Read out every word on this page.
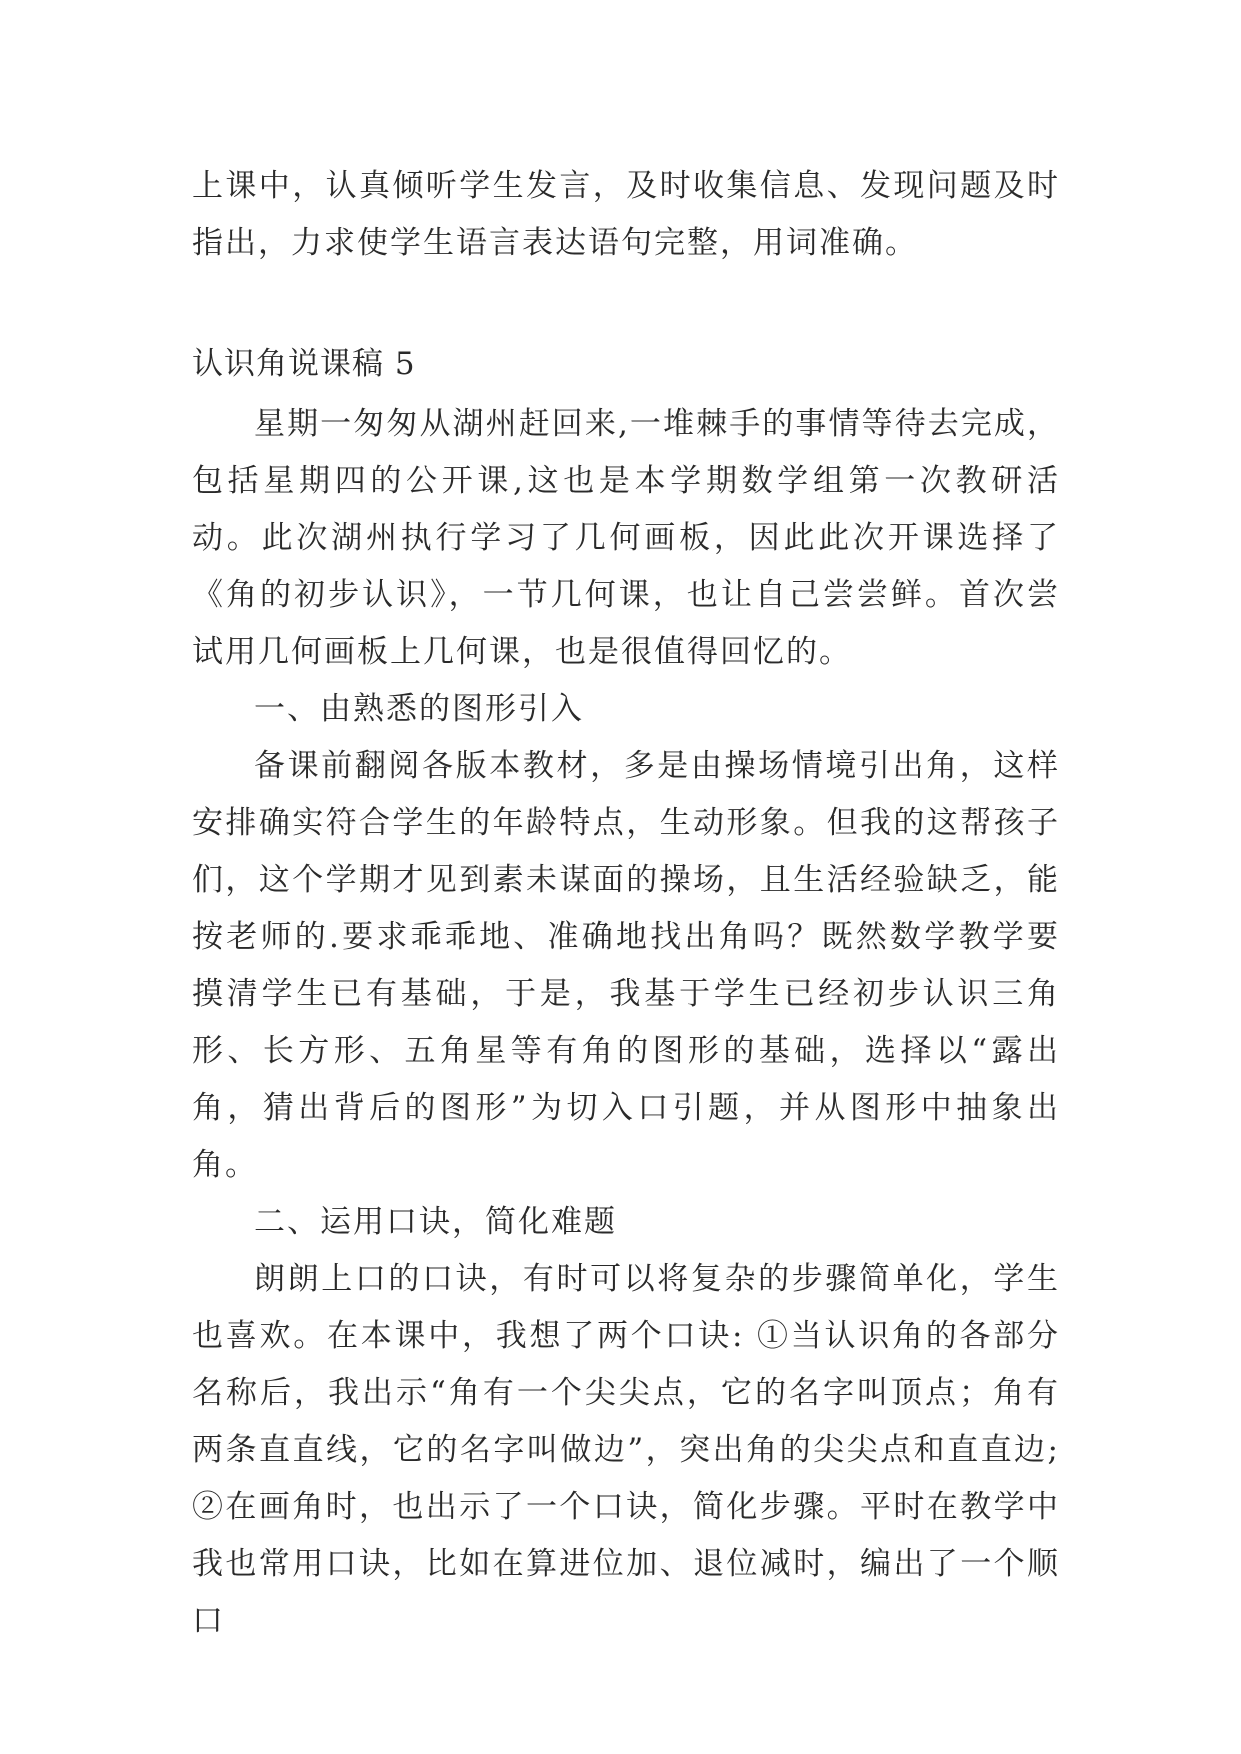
上课中，认真倾听学生发言，及时收集信息、发现问题及时指出，力求使学生语言表达语句完整，用词准确。

认识角说课稿 5

星期一匆匆从湖州赶回来,一堆棘手的事情等待去完成，包括星期四的公开课,这也是本学期数学组第一次教研活动。此次湖州执行学习了几何画板，因此此次开课选择了《角的初步认识》，一节几何课，也让自己尝尝鲜。首次尝试用几何画板上几何课，也是很值得回忆的。

一、由熟悉的图形引入

备课前翻阅各版本教材，多是由操场情境引出角，这样安排确实符合学生的年龄特点，生动形象。但我的这帮孩子们，这个学期才见到素未谋面的操场，且生活经验缺乏，能按老师的.要求乖乖地、准确地找出角吗？既然数学教学要摸清学生已有基础，于是，我基于学生已经初步认识三角形、长方形、五角星等有角的图形的基础，选择以“露出角，猜出背后的图形”为切入口引题，并从图形中抽象出角。

二、运用口诀，简化难题

朗朗上口的口诀，有时可以将复杂的步骤简单化，学生也喜欢。在本课中，我想了两个口诀: ①当认识角的各部分名称后，我出示“角有一个尖尖点，它的名字叫顶点；角有两条直直线，它的名字叫做边”，突出角的尖尖点和直直边; ②在画角时，也出示了一个口诀，简化步骤。平时在教学中我也常用口诀，比如在算进位加、退位减时，编出了一个顺口
